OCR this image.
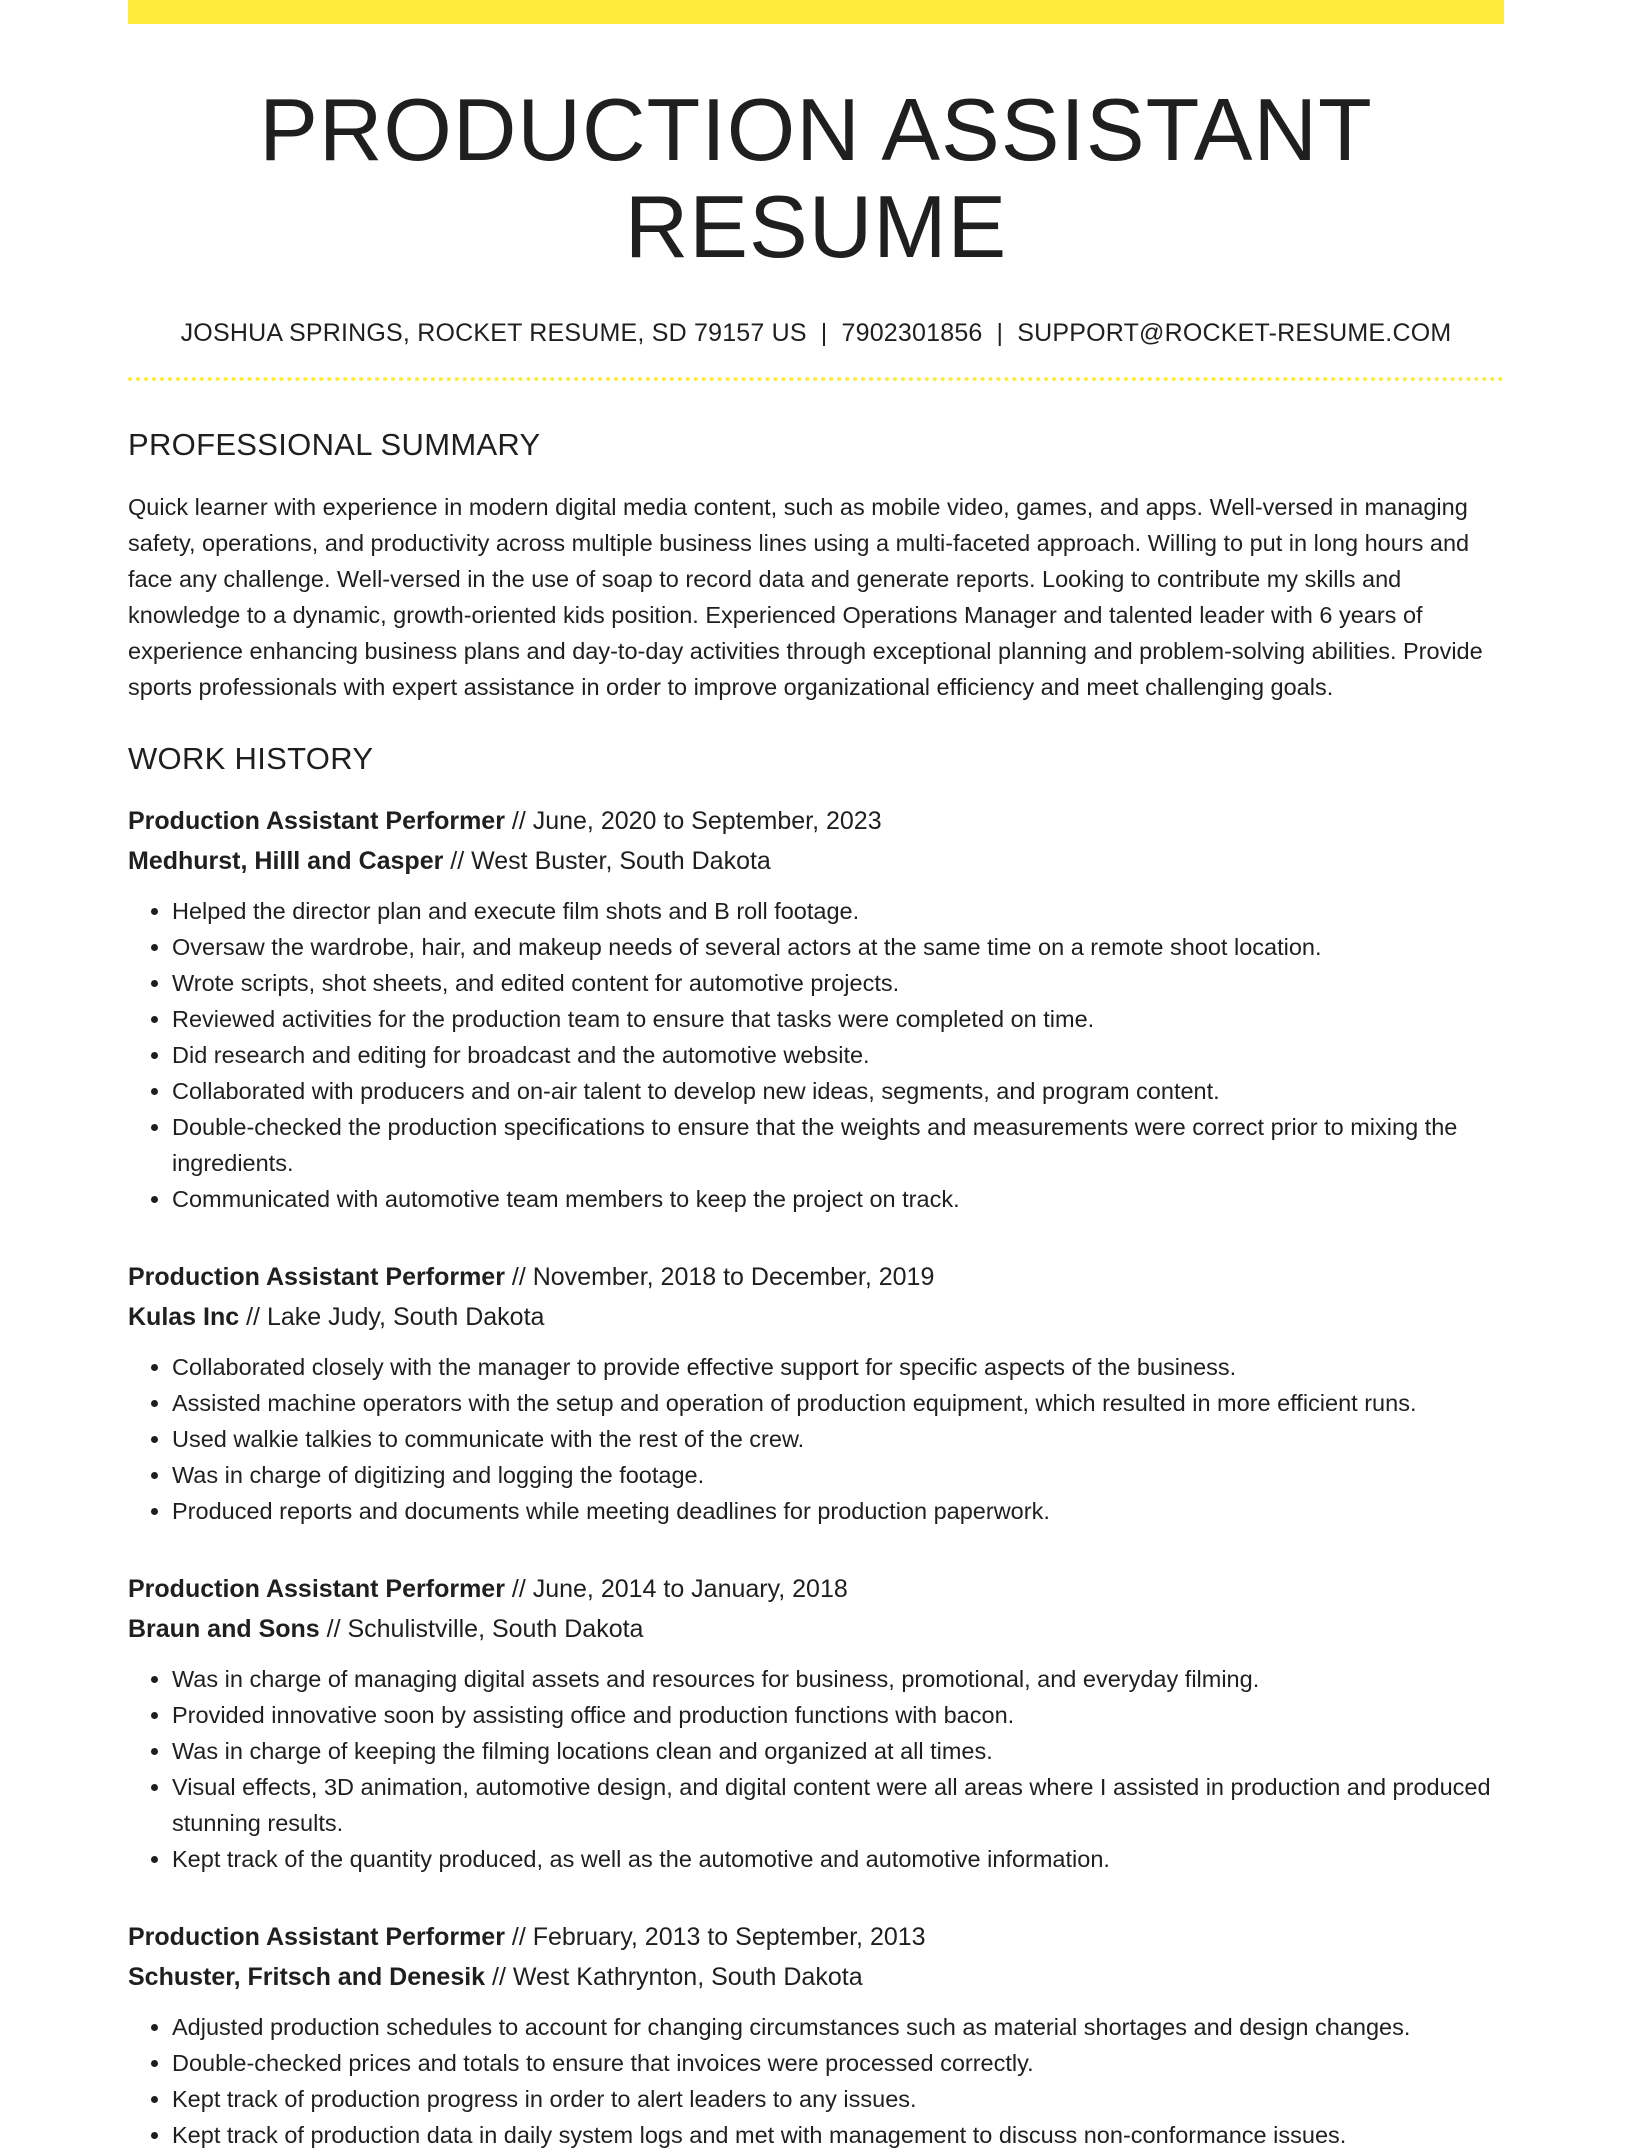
PRODUCTION ASSISTANT RESUME
JOSHUA SPRINGS, ROCKET RESUME, SD 79157 US | 7902301856 | SUPPORT@ROCKET-RESUME.COM
PROFESSIONAL SUMMARY

Quick learner with experience in modern digital media content, such as mobile video, games, and apps. Well-versed in managing safety, operations, and productivity across multiple business lines using a multi-faceted approach. Willing to put in long hours and face any challenge. Well-versed in the use of soap to record data and generate reports. Looking to contribute my skills and knowledge to a dynamic, growth-oriented kids position. Experienced Operations Manager and talented leader with 6 years of experience enhancing business plans and day-to-day activities through exceptional planning and problem-solving abilities. Provide sports professionals with expert assistance in order to improve organizational efficiency and meet challenging goals.

WORK HISTORY
Production Assistant Performer // June, 2020 to September, 2023
Medhurst, Hilll and Casper // West Buster, South Dakota
• Helped the director plan and execute film shots and B roll footage.
• Oversaw the wardrobe, hair, and makeup needs of several actors at the same time on a remote shoot location.
• Wrote scripts, shot sheets, and edited content for automotive projects.
• Reviewed activities for the production team to ensure that tasks were completed on time.
• Did research and editing for broadcast and the automotive website.
• Collaborated with producers and on-air talent to develop new ideas, segments, and program content.
• Double-checked the production specifications to ensure that the weights and measurements were correct prior to mixing the ingredients.
• Communicated with automotive team members to keep the project on track.
Production Assistant Performer // November, 2018 to December, 2019
Kulas Inc // Lake Judy, South Dakota
• Collaborated closely with the manager to provide effective support for specific aspects of the business.
• Assisted machine operators with the setup and operation of production equipment, which resulted in more efficient runs.
• Used walkie talkies to communicate with the rest of the crew.
• Was in charge of digitizing and logging the footage.
• Produced reports and documents while meeting deadlines for production paperwork.
Production Assistant Performer // June, 2014 to January, 2018
Braun and Sons // Schulistville, South Dakota
• Was in charge of managing digital assets and resources for business, promotional, and everyday filming.
• Provided innovative soon by assisting office and production functions with bacon.
• Was in charge of keeping the filming locations clean and organized at all times.
• Visual effects, 3D animation, automotive design, and digital content were all areas where I assisted in production and produced stunning results.
• Kept track of the quantity produced, as well as the automotive and automotive information.
Production Assistant Performer // February, 2013 to September, 2013
Schuster, Fritsch and Denesik // West Kathrynton, South Dakota
• Adjusted production schedules to account for changing circumstances such as material shortages and design changes.
• Double-checked prices and totals to ensure that invoices were processed correctly.
• Kept track of production progress in order to alert leaders to any issues.
• Kept track of production data in daily system logs and met with management to discuss non-conformance issues.
